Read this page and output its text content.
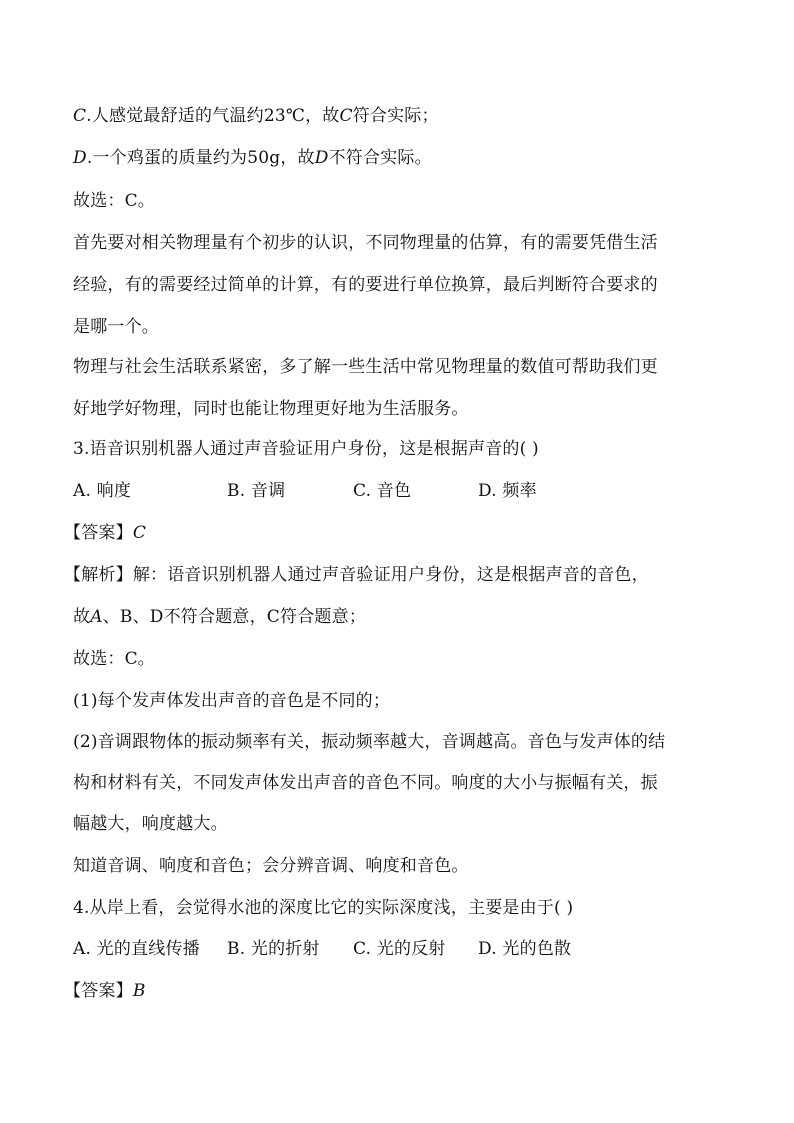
C.人感觉最舒适的气温约23℃，故C符合实际；
D.一个鸡蛋的质量约为50g，故D不符合实际。
故选：C。
首先要对相关物理量有个初步的认识，不同物理量的估算，有的需要凭借生活
经验，有的需要经过简单的计算，有的要进行单位换算，最后判断符合要求的
是哪一个。
物理与社会生活联系紧密，多了解一些生活中常见物理量的数值可帮助我们更
好地学好物理，同时也能让物理更好地为生活服务。
3.语音识别机器人通过声音验证用户身份，这是根据声音的( )
A. 响度	B. 音调	C. 音色	D. 频率
【答案】C
【解析】解：语音识别机器人通过声音验证用户身份，这是根据声音的音色，
故A、B、D不符合题意，C符合题意；
故选：C。
(1)每个发声体发出声音的音色是不同的；
(2)音调跟物体的振动频率有关，振动频率越大，音调越高。音色与发声体的结
构和材料有关，不同发声体发出声音的音色不同。响度的大小与振幅有关，振
幅越大，响度越大。
知道音调、响度和音色；会分辨音调、响度和音色。
4.从岸上看，会觉得水池的深度比它的实际深度浅，主要是由于( )
A. 光的直线传播 B. 光的折射 C. 光的反射 D. 光的色散
【答案】B
